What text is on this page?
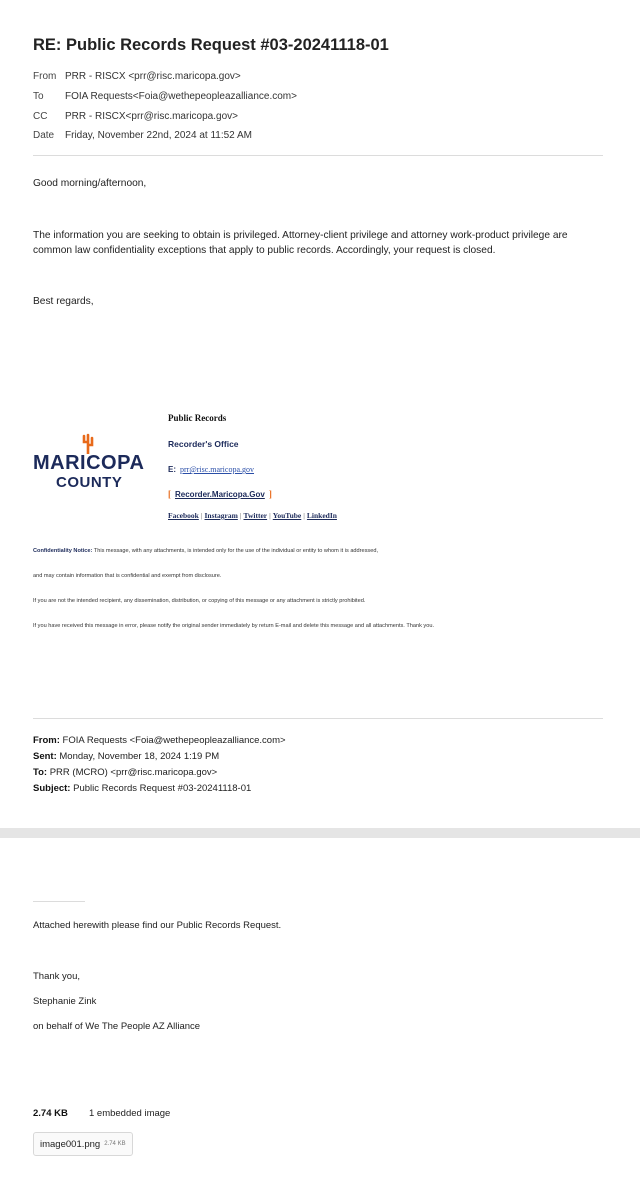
RE: Public Records Request #03-20241118-01
From PRR - RISCX <prr@risc.maricopa.gov>
To	FOIA Requests<Foia@wethepeopleazalliance.com>
CC	PRR - RISCX<prr@risc.maricopa.gov>
Date	Friday, November 22nd, 2024 at 11:52 AM
Good morning/afternoon,
The information you are seeking to obtain is privileged. Attorney-client privilege and attorney work-product privilege are common law confidentiality exceptions that apply to public records. Accordingly, your request is closed.
Best regards,
MARICOPA
COUNTY
Public Records
Recorder's Office
E: prr@risc.maricopa.gov
[ Recorder.Maricopa.Gov ]
Facebook | Instagram | Twitter | YouTube | LinkedIn
Confidentiality Notice: This message, with any attachments, is intended only for the use of the individual or entity to whom it is addressed,
and may contain information that is confidential and exempt from disclosure.
If you are not the intended recipient, any dissemination, distribution, or copying of this message or any attachment is strictly prohibited.
If you have received this message in error, please notify the original sender immediately by return E-mail and delete this message and all attachments. Thank you.
From: FOIA Requests <Foia@wethepeopleazalliance.com>
Sent: Monday, November 18, 2024 1:19 PM
To: PRR (MCRO) <prr@risc.maricopa.gov>
Subject: Public Records Request #03-20241118-01
Attached herewith please find our Public Records Request.
Thank you,
Stephanie Zink
on behalf of We The People AZ Alliance
2.74 KB 1 embedded image
image001.png 2.74 KB
